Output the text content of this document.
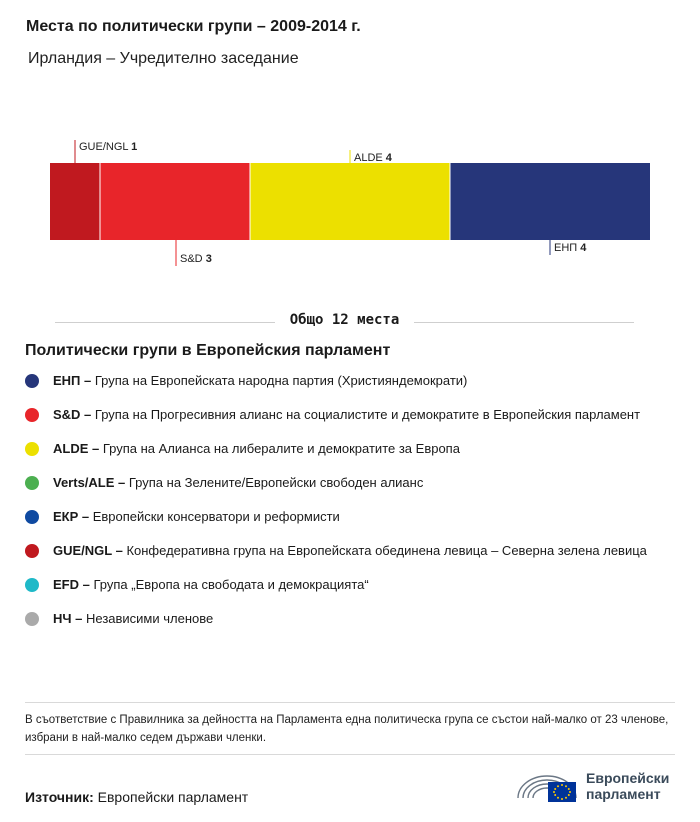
Места по политически групи – 2009-2014 г.
Ирландия – Учредително заседание
GUE/NGL 1
S&D 3
ALDE 4
ЕНП 4
Общо 12 места
Политически групи в Европейския парламент
ЕНП – Група на Европейската народна партия (Християндемократи)
S&D – Група на Прогресивния алианс на социалистите и демократите в Европейския парламент
ALDE – Група на Алианса на либералите и демократите за Европа
Verts/ALE – Група на Зелените/Европейски свободен алианс
ЕКР – Европейски консерватори и реформисти
GUE/NGL – Конфедеративна група на Европейската обединена левица – Северна зелена левица
EFD – Група „Европа на свободата и демокрацията“
НЧ – Независими членове
В съответствие с Правилника за дейността на Парламента една политическа група се състои най-малко от 23 членове, избрани в най-малко седем държави членки.
Източник: Европейски парламент
Европейски
парламент
